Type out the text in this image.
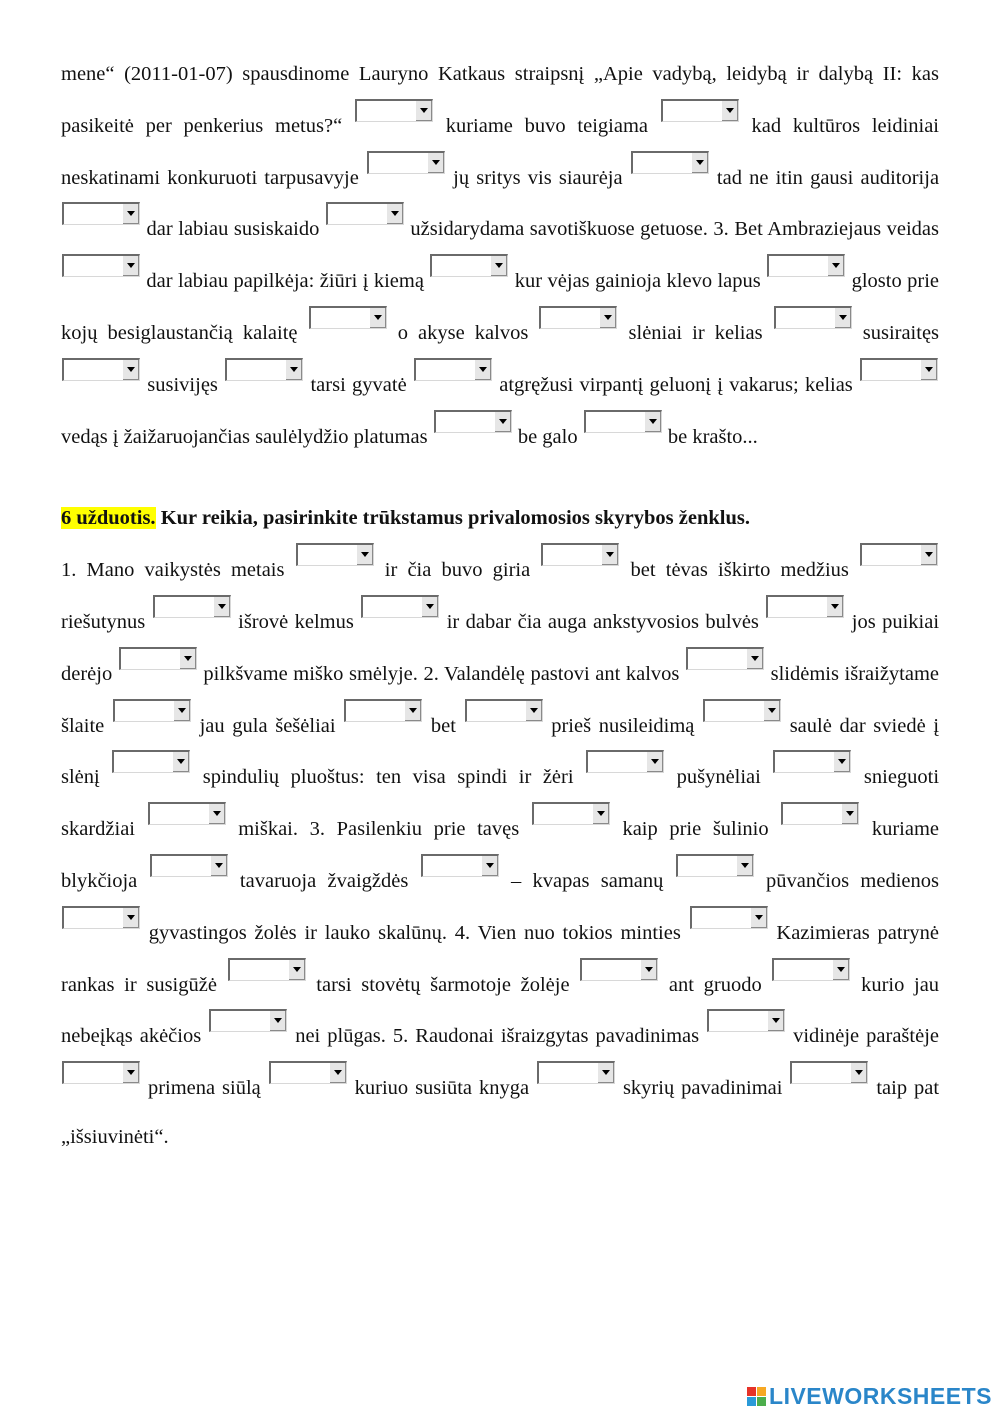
mene“ (2011-01-07) spausdinome Lauryno Katkaus straipsnį „Apie vadybą, leidybą ir dalybą II: kas pasikeitė per penkerius metus?“	kuriame buvo teigiama	kad kultūros leidiniai neskatinami konkuruoti tarpusavyje	jų sritys vis siaurėja	tad ne itin gausi auditorija
dar labiau susiskaido	užsidarydama savotiškuose getuose. 3. Bet Ambraziejaus veidas
dar labiau papilkėja: žiūri į kiemą	kur vėjas gainioja klevo lapus	glosto prie kojų besiglaustančią kalaitę	o akyse kalvos	slėniai ir kelias	susiraitęs
susivijęs	tarsi gyvatė	atgręžusi virpantį geluonį į vakarus; kelias
vedąs į žaižaruojančias saulėlydžio platumas	be galo	be krašto...

6 užduotis. Kur reikia, pasirinkite trūkstamus privalomosios skyrybos ženklus.

1. Mano vaikystės metais	ir čia buvo giria	bet tėvas iškirto medžius
riešutynus	išrovė kelmus	ir dabar čia auga ankstyvosios bulvės	jos puikiai derėjo	pilkšvame miško smėlyje. 2. Valandėlę pastovi ant kalvos	slidėmis išraižytame šlaite	jau gula šešėliai	bet	prieš nusileidimą	saulė dar sviedė į slėnį	spindulių pluoštus: ten visa spindi ir žėri	pušynėliai	snieguoti skardžiai	miškai. 3. Pasilenkiu prie tavęs	kaip prie šulinio	kuriame blykčioja	tavaruoja žvaigždės	– kvapas samanų	pūvančios medienos
gyvastingos žolės ir lauko skalūnų. 4. Vien nuo tokios minties	Kazimieras patrynė rankas ir susigūžė	tarsi stovėtų šarmotoje žolėje	ant gruodo	kurio jau nebeįkąs akėčios	nei plūgas. 5. Raudonai išraizgytas pavadinimas	vidinėje paraštėje
primena siūlą	kuriuo susiūta knyga	skyrių pavadinimai	taip pat „išsiuvinėti“.

LIVEWORKSHEETS
